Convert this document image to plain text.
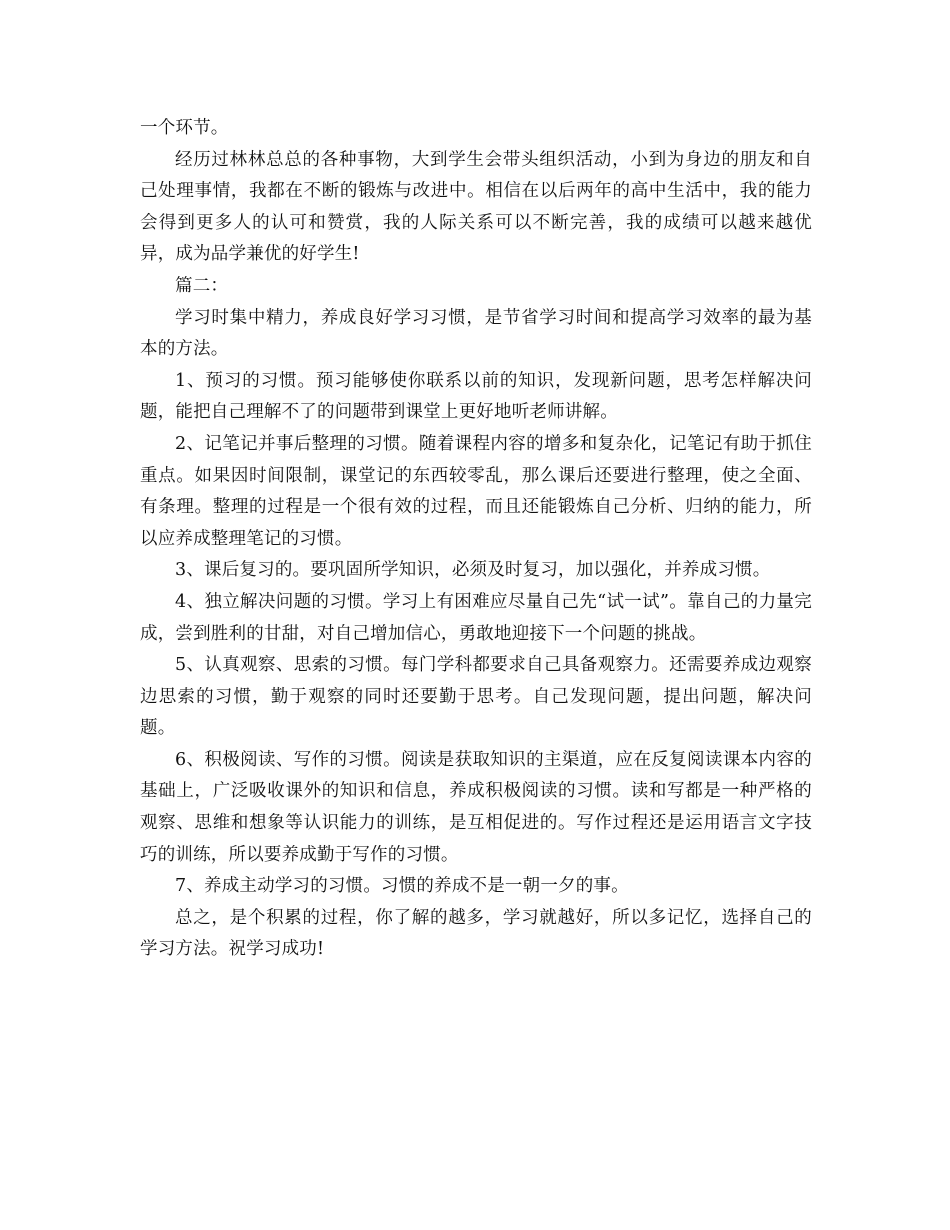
一个环节。

经历过林林总总的各种事物，大到学生会带头组织活动，小到为身边的朋友和自己处理事情，我都在不断的锻炼与改进中。相信在以后两年的高中生活中，我的能力会得到更多人的认可和赞赏，我的人际关系可以不断完善，我的成绩可以越来越优异，成为品学兼优的好学生!

篇二：

学习时集中精力，养成良好学习习惯，是节省学习时间和提高学习效率的最为基本的方法。

1、预习的习惯。预习能够使你联系以前的知识，发现新问题，思考怎样解决问题，能把自己理解不了的问题带到课堂上更好地听老师讲解。

2、记笔记并事后整理的习惯。随着课程内容的增多和复杂化，记笔记有助于抓住重点。如果因时间限制，课堂记的东西较零乱，那么课后还要进行整理，使之全面、有条理。整理的过程是一个很有效的过程，而且还能锻炼自己分析、归纳的能力，所以应养成整理笔记的习惯。

3、课后复习的。要巩固所学知识，必须及时复习，加以强化，并养成习惯。

4、独立解决问题的习惯。学习上有困难应尽量自己先“试一试”。靠自己的力量完成，尝到胜利的甘甜，对自己增加信心，勇敢地迎接下一个问题的挑战。

5、认真观察、思索的习惯。每门学科都要求自己具备观察力。还需要养成边观察边思索的习惯，勤于观察的同时还要勤于思考。自己发现问题，提出问题，解决问题。

6、积极阅读、写作的习惯。阅读是获取知识的主渠道，应在反复阅读课本内容的基础上，广泛吸收课外的知识和信息，养成积极阅读的习惯。读和写都是一种严格的观察、思维和想象等认识能力的训练，是互相促进的。写作过程还是运用语言文字技巧的训练，所以要养成勤于写作的习惯。

7、养成主动学习的习惯。习惯的养成不是一朝一夕的事。

总之，是个积累的过程，你了解的越多，学习就越好，所以多记忆，选择自己的学习方法。祝学习成功!
